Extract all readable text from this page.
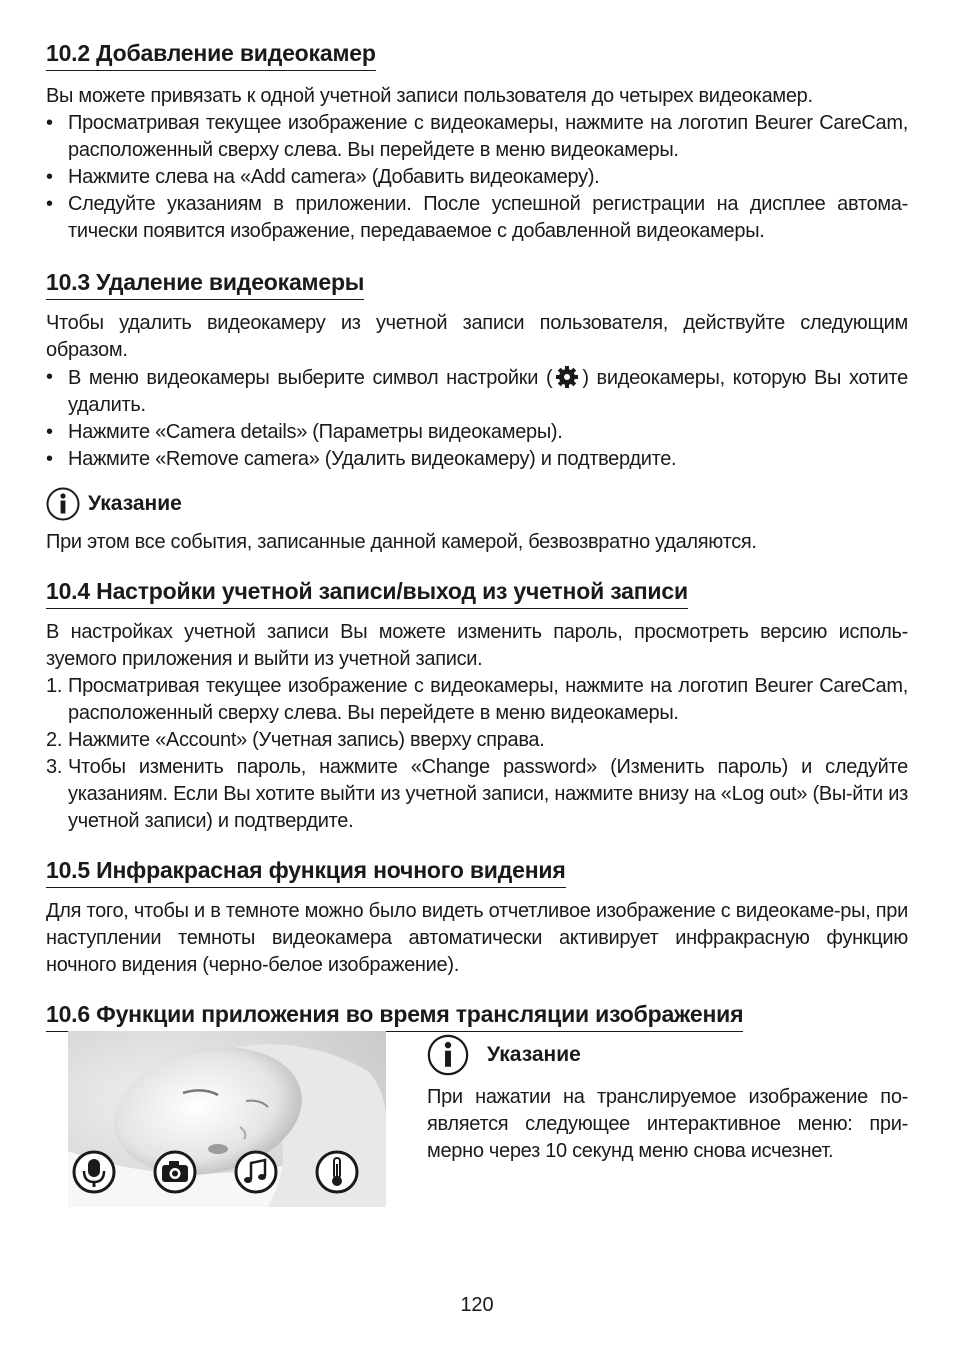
10.2 Добавление видеокамер

Вы можете привязать к одной учетной записи пользователя до четырех видеокамер.

• Просматривая текущее изображение с видеокамеры, нажмите на логотип Beurer CareCam, расположенный сверху слева. Вы перейдете в меню видеокамеры.
• Нажмите слева на «Add camera» (Добавить видеокамеру).
• Следуйте указаниям в приложении. После успешной регистрации на дисплее автома-тически появится изображение, передаваемое с добавленной видеокамеры.
10.3 Удаление видеокамеры

Чтобы удалить видеокамеру из учетной записи пользователя, действуйте следующим образом.

• В меню видеокамеры выберите символ настройки ( ) видеокамеры, которую Вы хотите удалить.
• Нажмите «Camera details» (Параметры видеокамеры).
• Нажмите «Remove camera» (Удалить видеокамеру) и подтвердите.
Указание

При этом все события, записанные данной камерой, безвозвратно удаляются.

10.4 Настройки учетной записи/выход из учетной записи

В настройках учетной записи Вы можете изменить пароль, просмотреть версию исполь-зуемого приложения и выйти из учетной записи.

1. Просматривая текущее изображение с видеокамеры, нажмите на логотип Beurer CareCam, расположенный сверху слева. Вы перейдете в меню видеокамеры.
2. Нажмите «Account» (Учетная запись) вверху справа.
3. Чтобы изменить пароль, нажмите «Change password» (Изменить пароль) и следуйте указаниям. Если Вы хотите выйти из учетной записи, нажмите внизу на «Log out» (Вы-йти из учетной записи) и подтвердите.
10.5 Инфракрасная функция ночного видения

Для того, чтобы и в темноте можно было видеть отчетливое изображение с видеокаме-ры, при наступлении темноты видеокамера автоматически активирует инфракрасную функцию ночного видения (черно-белое изображение).

10.6 Функции приложения во время трансляции изображения
Указание

При нажатии на транслируемое изображение по-является следующее интерактивное меню: при-мерно через 10 секунд меню снова исчезнет.

120
